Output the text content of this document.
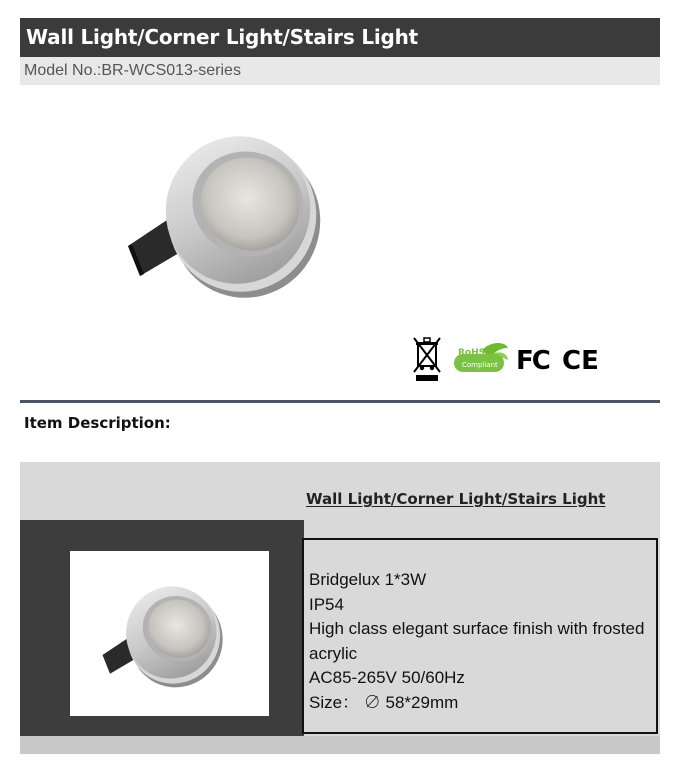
Wall Light/Corner Light/Stairs Light
Model No.:BR-WCS013-series
RoHS
Compliant FC CE
Item Description:
Wall Light/Corner Light/Stairs Light
Bridgelux 1*3W
IP54
High class elegant surface finish with frosted acrylic
AC85-265V 50/60Hz
Size： ∅ 58*29mm
